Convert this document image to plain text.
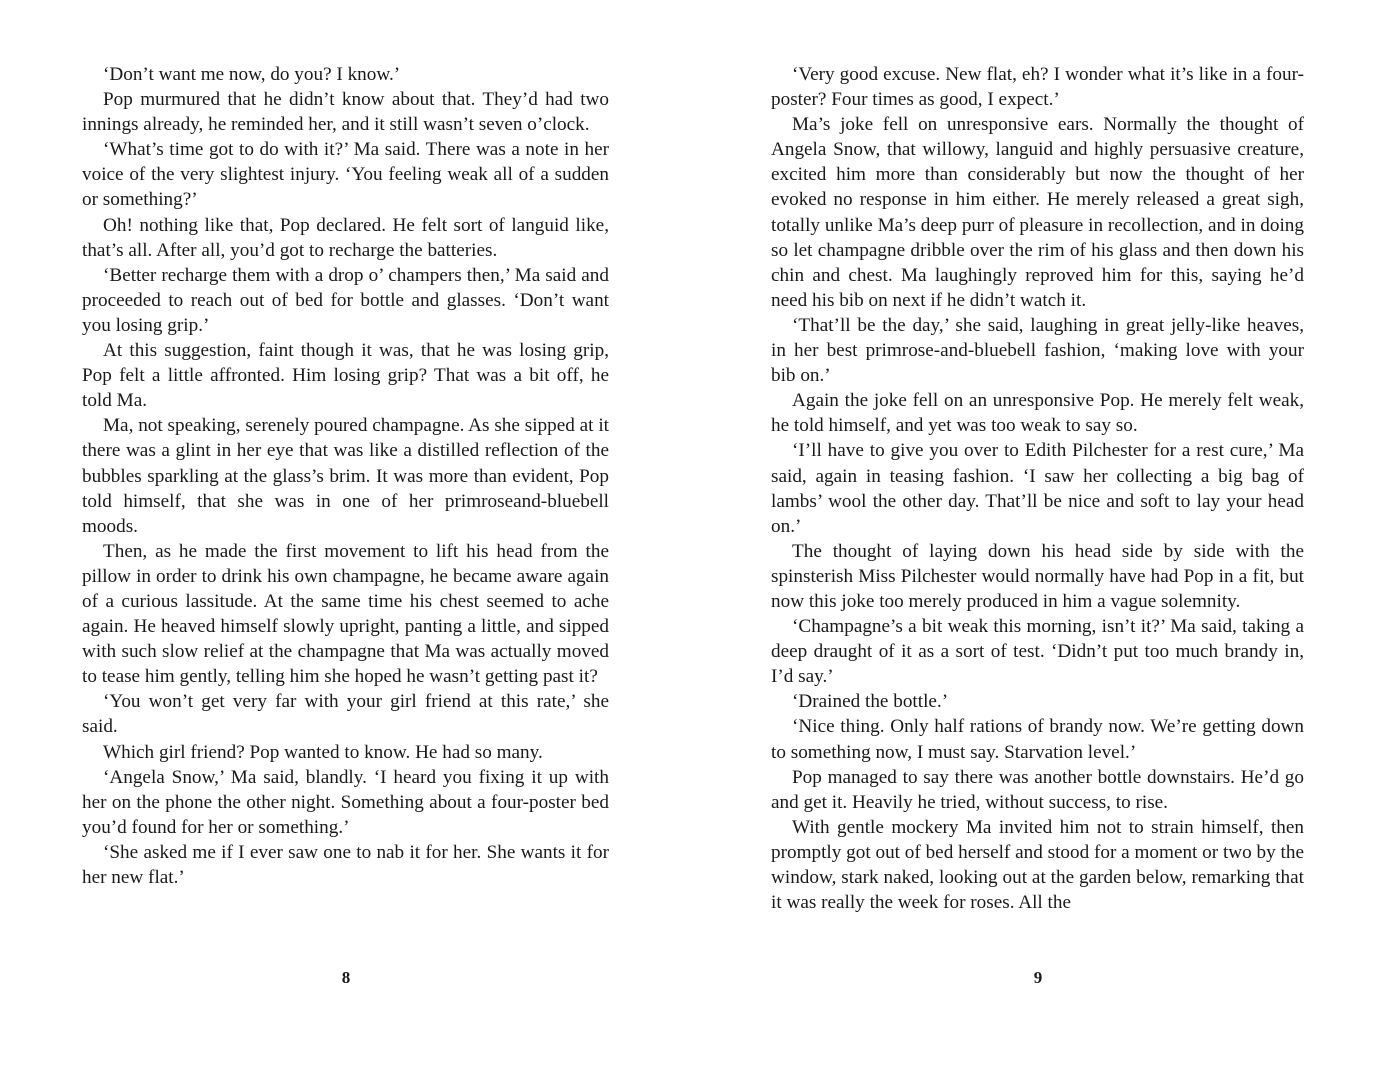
‘Don’t want me now, do you? I know.’

Pop murmured that he didn’t know about that. They’d had two innings already, he reminded her, and it still wasn’t seven o’clock.

‘What’s time got to do with it?’ Ma said. There was a note in her voice of the very slightest injury. ‘You feeling weak all of a sudden or something?’

Oh! nothing like that, Pop declared. He felt sort of languid like, that’s all. After all, you’d got to recharge the batteries.

‘Better recharge them with a drop o’ champers then,’ Ma said and proceeded to reach out of bed for bottle and glasses. ‘Don’t want you losing grip.’

At this suggestion, faint though it was, that he was losing grip, Pop felt a little affronted. Him losing grip? That was a bit off, he told Ma.

Ma, not speaking, serenely poured champagne. As she sipped at it there was a glint in her eye that was like a distilled reflection of the bubbles sparkling at the glass’s brim. It was more than evident, Pop told himself, that she was in one of her primroseand-bluebell moods.

Then, as he made the first movement to lift his head from the pillow in order to drink his own champagne, he became aware again of a curious lassitude. At the same time his chest seemed to ache again. He heaved himself slowly upright, panting a little, and sipped with such slow relief at the champagne that Ma was actually moved to tease him gently, telling him she hoped he wasn’t getting past it?

‘You won’t get very far with your girl friend at this rate,’ she said.

Which girl friend? Pop wanted to know. He had so many.

‘Angela Snow,’ Ma said, blandly. ‘I heard you fixing it up with her on the phone the other night. Something about a four-poster bed you’d found for her or something.’

‘She asked me if I ever saw one to nab it for her. She wants it for her new flat.’

8

‘Very good excuse. New flat, eh? I wonder what it’s like in a four-poster? Four times as good, I expect.’

Ma’s joke fell on unresponsive ears. Normally the thought of Angela Snow, that willowy, languid and highly persuasive creature, excited him more than considerably but now the thought of her evoked no response in him either. He merely released a great sigh, totally unlike Ma’s deep purr of pleasure in recollection, and in doing so let champagne dribble over the rim of his glass and then down his chin and chest. Ma laughingly reproved him for this, saying he’d need his bib on next if he didn’t watch it.

‘That’ll be the day,’ she said, laughing in great jelly-like heaves, in her best primrose-and-bluebell fashion, ‘making love with your bib on.’

Again the joke fell on an unresponsive Pop. He merely felt weak, he told himself, and yet was too weak to say so.

‘I’ll have to give you over to Edith Pilchester for a rest cure,’ Ma said, again in teasing fashion. ‘I saw her collecting a big bag of lambs’ wool the other day. That’ll be nice and soft to lay your head on.’

The thought of laying down his head side by side with the spinsterish Miss Pilchester would normally have had Pop in a fit, but now this joke too merely produced in him a vague solemnity.

‘Champagne’s a bit weak this morning, isn’t it?’ Ma said, taking a deep draught of it as a sort of test. ‘Didn’t put too much brandy in, I’d say.’

‘Drained the bottle.’

‘Nice thing. Only half rations of brandy now. We’re getting down to something now, I must say. Starvation level.’

Pop managed to say there was another bottle downstairs. He’d go and get it. Heavily he tried, without success, to rise.

With gentle mockery Ma invited him not to strain himself, then promptly got out of bed herself and stood for a moment or two by the window, stark naked, looking out at the garden below, remarking that it was really the week for roses. All the

9
